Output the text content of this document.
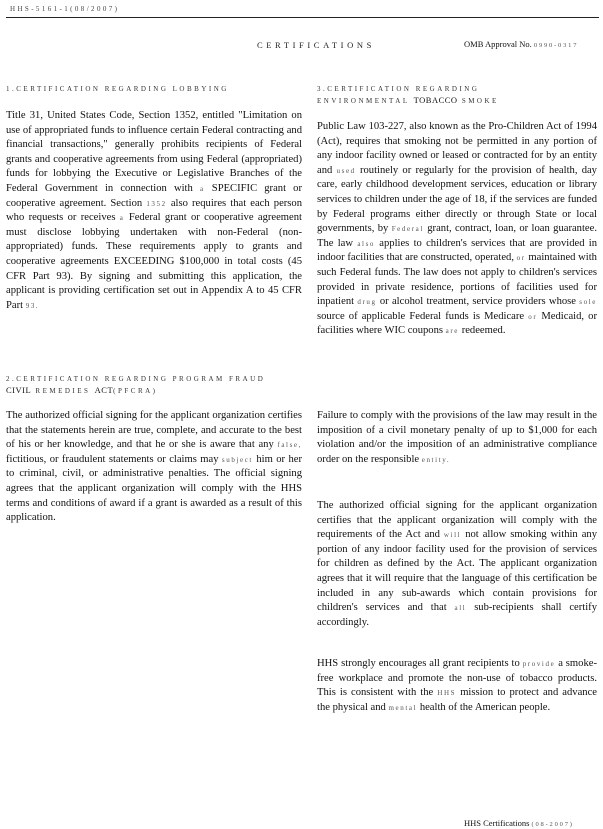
HHS-5161-1(08/2007)
CERTIFICATIONS	OMB Approval No. 0990-0317
1.CERTIFICATION REGARDING LOBBYING

Title 31, United States Code, Section 1352, entitled "Limitation on use of appropriated funds to influence certain Federal contracting and financial transactions," generally prohibits recipients of Federal grants and cooperative agreements from using Federal (appropriated) funds for lobbying the Executive or Legislative Branches of the Federal Government in connection with a SPECIFIC grant or cooperative agreement. Section 1352 also requires that each person who requests or receives a Federal grant or cooperative agreement must disclose lobbying undertaken with non-Federal (non-appropriated) funds. These requirements apply to grants and cooperative agreements EXCEEDING $100,000 in total costs (45 CFR Part 93). By signing and submitting this application, the applicant is providing certification set out in Appendix A to 45 CFR Part 93.

2.CERTIFICATION REGARDING PROGRAM FRAUD
CIVIL REMEDIES ACT(PFCRA)

The authorized official signing for the applicant organization certifies that the statements herein are true, complete, and accurate to the best of his or her knowledge, and that he or she is aware that any false, fictitious, or fraudulent statements or claims may subject him or her to criminal, civil, or administrative penalties. The official signing agrees that the applicant organization will comply with the HHS terms and conditions of award if a grant is awarded as a result of this application.

3.CERTIFICATION REGARDING
ENVIRONMENTAL TOBACCO SMOKE

Public Law 103-227, also known as the Pro-Children Act of 1994 (Act), requires that smoking not be permitted in any portion of any indoor facility owned or leased or contracted for by an entity and used routinely or regularly for the provision of health, day care, early childhood development services, education or library services to children under the age of 18, if the services are funded by Federal programs either directly or through State or local governments, by Federal grant, contract, loan, or loan guarantee. The law also applies to children's services that are provided in indoor facilities that are constructed, operated, or maintained with such Federal funds. The law does not apply to children's services provided in private residence, portions of facilities used for inpatient drug or alcohol treatment, service providers whose sole source of applicable Federal funds is Medicare or Medicaid, or facilities where WIC coupons are redeemed.

Failure to comply with the provisions of the law may result in the imposition of a civil monetary penalty of up to $1,000 for each violation and/or the imposition of an administrative compliance order on the responsible entity.

The authorized official signing for the applicant organization certifies that the applicant organization will comply with the requirements of the Act and will not allow smoking within any portion of any indoor facility used for the provision of services for children as defined by the Act. The applicant organization agrees that it will require that the language of this certification be included in any sub-awards which contain provisions for children's services and that all sub-recipients shall certify accordingly.

HHS strongly encourages all grant recipients to provide a smoke-free workplace and promote the non-use of tobacco products. This is consistent with the HHS mission to protect and advance the physical and mental health of the American people.

HHS Certifications (08-2007)
